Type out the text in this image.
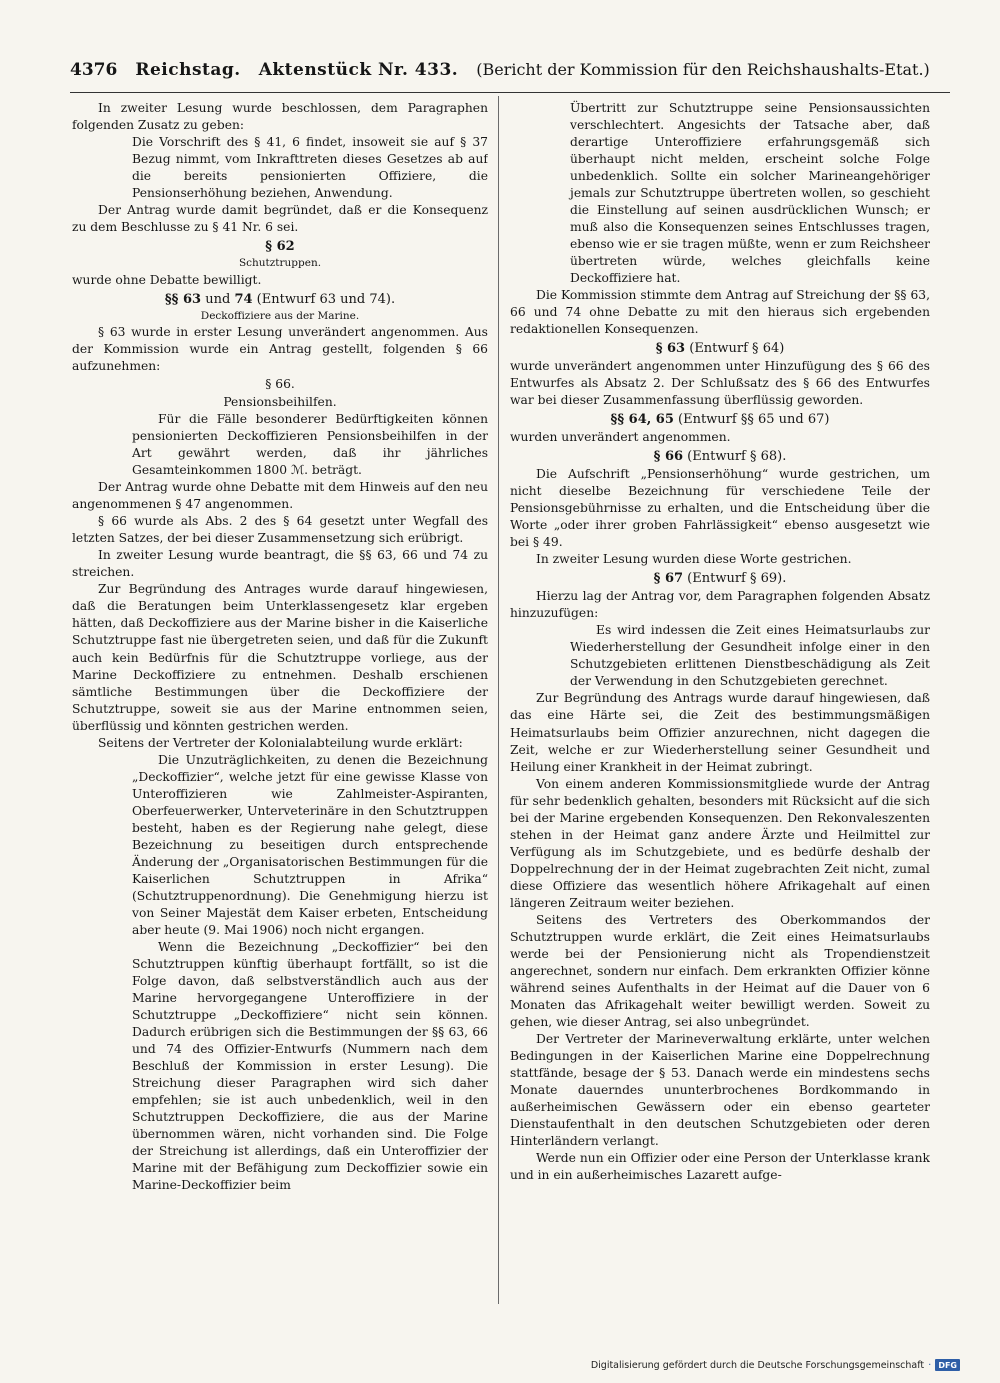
4376 Reichstag. Aktenstück Nr. 433. (Bericht der Kommission für den Reichshaushalts-Etat.)

In zweiter Lesung wurde beschlossen, dem Paragraphen folgenden Zusatz zu geben:

Die Vorschrift des § 41, 6 findet, insoweit sie auf § 37 Bezug nimmt, vom Inkrafttreten dieses Gesetzes ab auf die bereits pensionierten Offiziere, die Pensionserhöhung beziehen, Anwendung.

Der Antrag wurde damit begründet, daß er die Konsequenz zu dem Beschlusse zu § 41 Nr. 6 sei.

§ 62

Schutztruppen.

wurde ohne Debatte bewilligt.

§§ 63 und 74 (Entwurf 63 und 74).

Deckoffiziere aus der Marine.

§ 63 wurde in erster Lesung unverändert angenommen. Aus der Kommission wurde ein Antrag gestellt, folgenden § 66 aufzunehmen:

§ 66.

Pensionsbeihilfen.

Für die Fälle besonderer Bedürftigkeiten können pensionierten Deckoffizieren Pensionsbeihilfen in der Art gewährt werden, daß ihr jährliches Gesamteinkommen 1800 ℳ. beträgt.

Der Antrag wurde ohne Debatte mit dem Hinweis auf den neu angenommenen § 47 angenommen.

§ 66 wurde als Abs. 2 des § 64 gesetzt unter Wegfall des letzten Satzes, der bei dieser Zusammensetzung sich erübrigt.

In zweiter Lesung wurde beantragt, die §§ 63, 66 und 74 zu streichen.

Zur Begründung des Antrages wurde darauf hingewiesen, daß die Beratungen beim Unterklassengesetz klar ergeben hätten, daß Deckoffiziere aus der Marine bisher in die Kaiserliche Schutztruppe fast nie übergetreten seien, und daß für die Zukunft auch kein Bedürfnis für die Schutztruppe vorliege, aus der Marine Deckoffiziere zu entnehmen. Deshalb erschienen sämtliche Bestimmungen über die Deckoffiziere der Schutztruppe, soweit sie aus der Marine entnommen seien, überflüssig und könnten gestrichen werden.

Seitens der Vertreter der Kolonialabteilung wurde erklärt:

Die Unzuträglichkeiten, zu denen die Bezeichnung „Deckoffizier“, welche jetzt für eine gewisse Klasse von Unteroffizieren wie Zahlmeister-Aspiranten, Oberfeuerwerker, Unterveterinäre in den Schutztruppen besteht, haben es der Regierung nahe gelegt, diese Bezeichnung zu beseitigen durch entsprechende Änderung der „Organisatorischen Bestimmungen für die Kaiserlichen Schutztruppen in Afrika“ (Schutztruppenordnung). Die Genehmigung hierzu ist von Seiner Majestät dem Kaiser erbeten, Entscheidung aber heute (9. Mai 1906) noch nicht ergangen.

Wenn die Bezeichnung „Deckoffizier“ bei den Schutztruppen künftig überhaupt fortfällt, so ist die Folge davon, daß selbstverständlich auch aus der Marine hervorgegangene Unteroffiziere in der Schutztruppe „Deckoffiziere“ nicht sein können. Dadurch erübrigen sich die Bestimmungen der §§ 63, 66 und 74 des Offizier-Entwurfs (Nummern nach dem Beschluß der Kommission in erster Lesung). Die Streichung dieser Paragraphen wird sich daher empfehlen; sie ist auch unbedenklich, weil in den Schutztruppen Deckoffiziere, die aus der Marine übernommen wären, nicht vorhanden sind. Die Folge der Streichung ist allerdings, daß ein Unteroffizier der Marine mit der Befähigung zum Deckoffizier sowie ein Marine-Deckoffizier beim

Übertritt zur Schutztruppe seine Pensionsaussichten verschlechtert. Angesichts der Tatsache aber, daß derartige Unteroffiziere erfahrungsgemäß sich überhaupt nicht melden, erscheint solche Folge unbedenklich. Sollte ein solcher Marineangehöriger jemals zur Schutztruppe übertreten wollen, so geschieht die Einstellung auf seinen ausdrücklichen Wunsch; er muß also die Konsequenzen seines Entschlusses tragen, ebenso wie er sie tragen müßte, wenn er zum Reichsheer übertreten würde, welches gleichfalls keine Deckoffiziere hat.

Die Kommission stimmte dem Antrag auf Streichung der §§ 63, 66 und 74 ohne Debatte zu mit den hieraus sich ergebenden redaktionellen Konsequenzen.

§ 63 (Entwurf § 64)

wurde unverändert angenommen unter Hinzufügung des § 66 des Entwurfes als Absatz 2. Der Schlußsatz des § 66 des Entwurfes war bei dieser Zusammenfassung überflüssig geworden.

§§ 64, 65 (Entwurf §§ 65 und 67)

wurden unverändert angenommen.

§ 66 (Entwurf § 68).

Die Aufschrift „Pensionserhöhung“ wurde gestrichen, um nicht dieselbe Bezeichnung für verschiedene Teile der Pensionsgebührnisse zu erhalten, und die Entscheidung über die Worte „oder ihrer groben Fahrlässigkeit“ ebenso ausgesetzt wie bei § 49.

In zweiter Lesung wurden diese Worte gestrichen.

§ 67 (Entwurf § 69).

Hierzu lag der Antrag vor, dem Paragraphen folgenden Absatz hinzuzufügen:

Es wird indessen die Zeit eines Heimatsurlaubs zur Wiederherstellung der Gesundheit infolge einer in den Schutzgebieten erlittenen Dienstbeschädigung als Zeit der Verwendung in den Schutzgebieten gerechnet.

Zur Begründung des Antrags wurde darauf hingewiesen, daß das eine Härte sei, die Zeit des bestimmungsmäßigen Heimatsurlaubs beim Offizier anzurechnen, nicht dagegen die Zeit, welche er zur Wiederherstellung seiner Gesundheit und Heilung einer Krankheit in der Heimat zubringt.

Von einem anderen Kommissionsmitgliede wurde der Antrag für sehr bedenklich gehalten, besonders mit Rücksicht auf die sich bei der Marine ergebenden Konsequenzen. Den Rekonvaleszenten stehen in der Heimat ganz andere Ärzte und Heilmittel zur Verfügung als im Schutzgebiete, und es bedürfe deshalb der Doppelrechnung der in der Heimat zugebrachten Zeit nicht, zumal diese Offiziere das wesentlich höhere Afrikagehalt auf einen längeren Zeitraum weiter beziehen.

Seitens des Vertreters des Oberkommandos der Schutztruppen wurde erklärt, die Zeit eines Heimatsurlaubs werde bei der Pensionierung nicht als Tropendienstzeit angerechnet, sondern nur einfach. Dem erkrankten Offizier könne während seines Aufenthalts in der Heimat auf die Dauer von 6 Monaten das Afrikagehalt weiter bewilligt werden. Soweit zu gehen, wie dieser Antrag, sei also unbegründet.

Der Vertreter der Marineverwaltung erklärte, unter welchen Bedingungen in der Kaiserlichen Marine eine Doppelrechnung stattfände, besage der § 53. Danach werde ein mindestens sechs Monate dauerndes ununterbrochenes Bordkommando in außerheimischen Gewässern oder ein ebenso gearteter Dienstaufenthalt in den deutschen Schutzgebieten oder deren Hinterländern verlangt.

Werde nun ein Offizier oder eine Person der Unterklasse krank und in ein außerheimisches Lazarett aufge-

Digitalisierung gefördert durch die Deutsche Forschungsgemeinschaft · DFG
